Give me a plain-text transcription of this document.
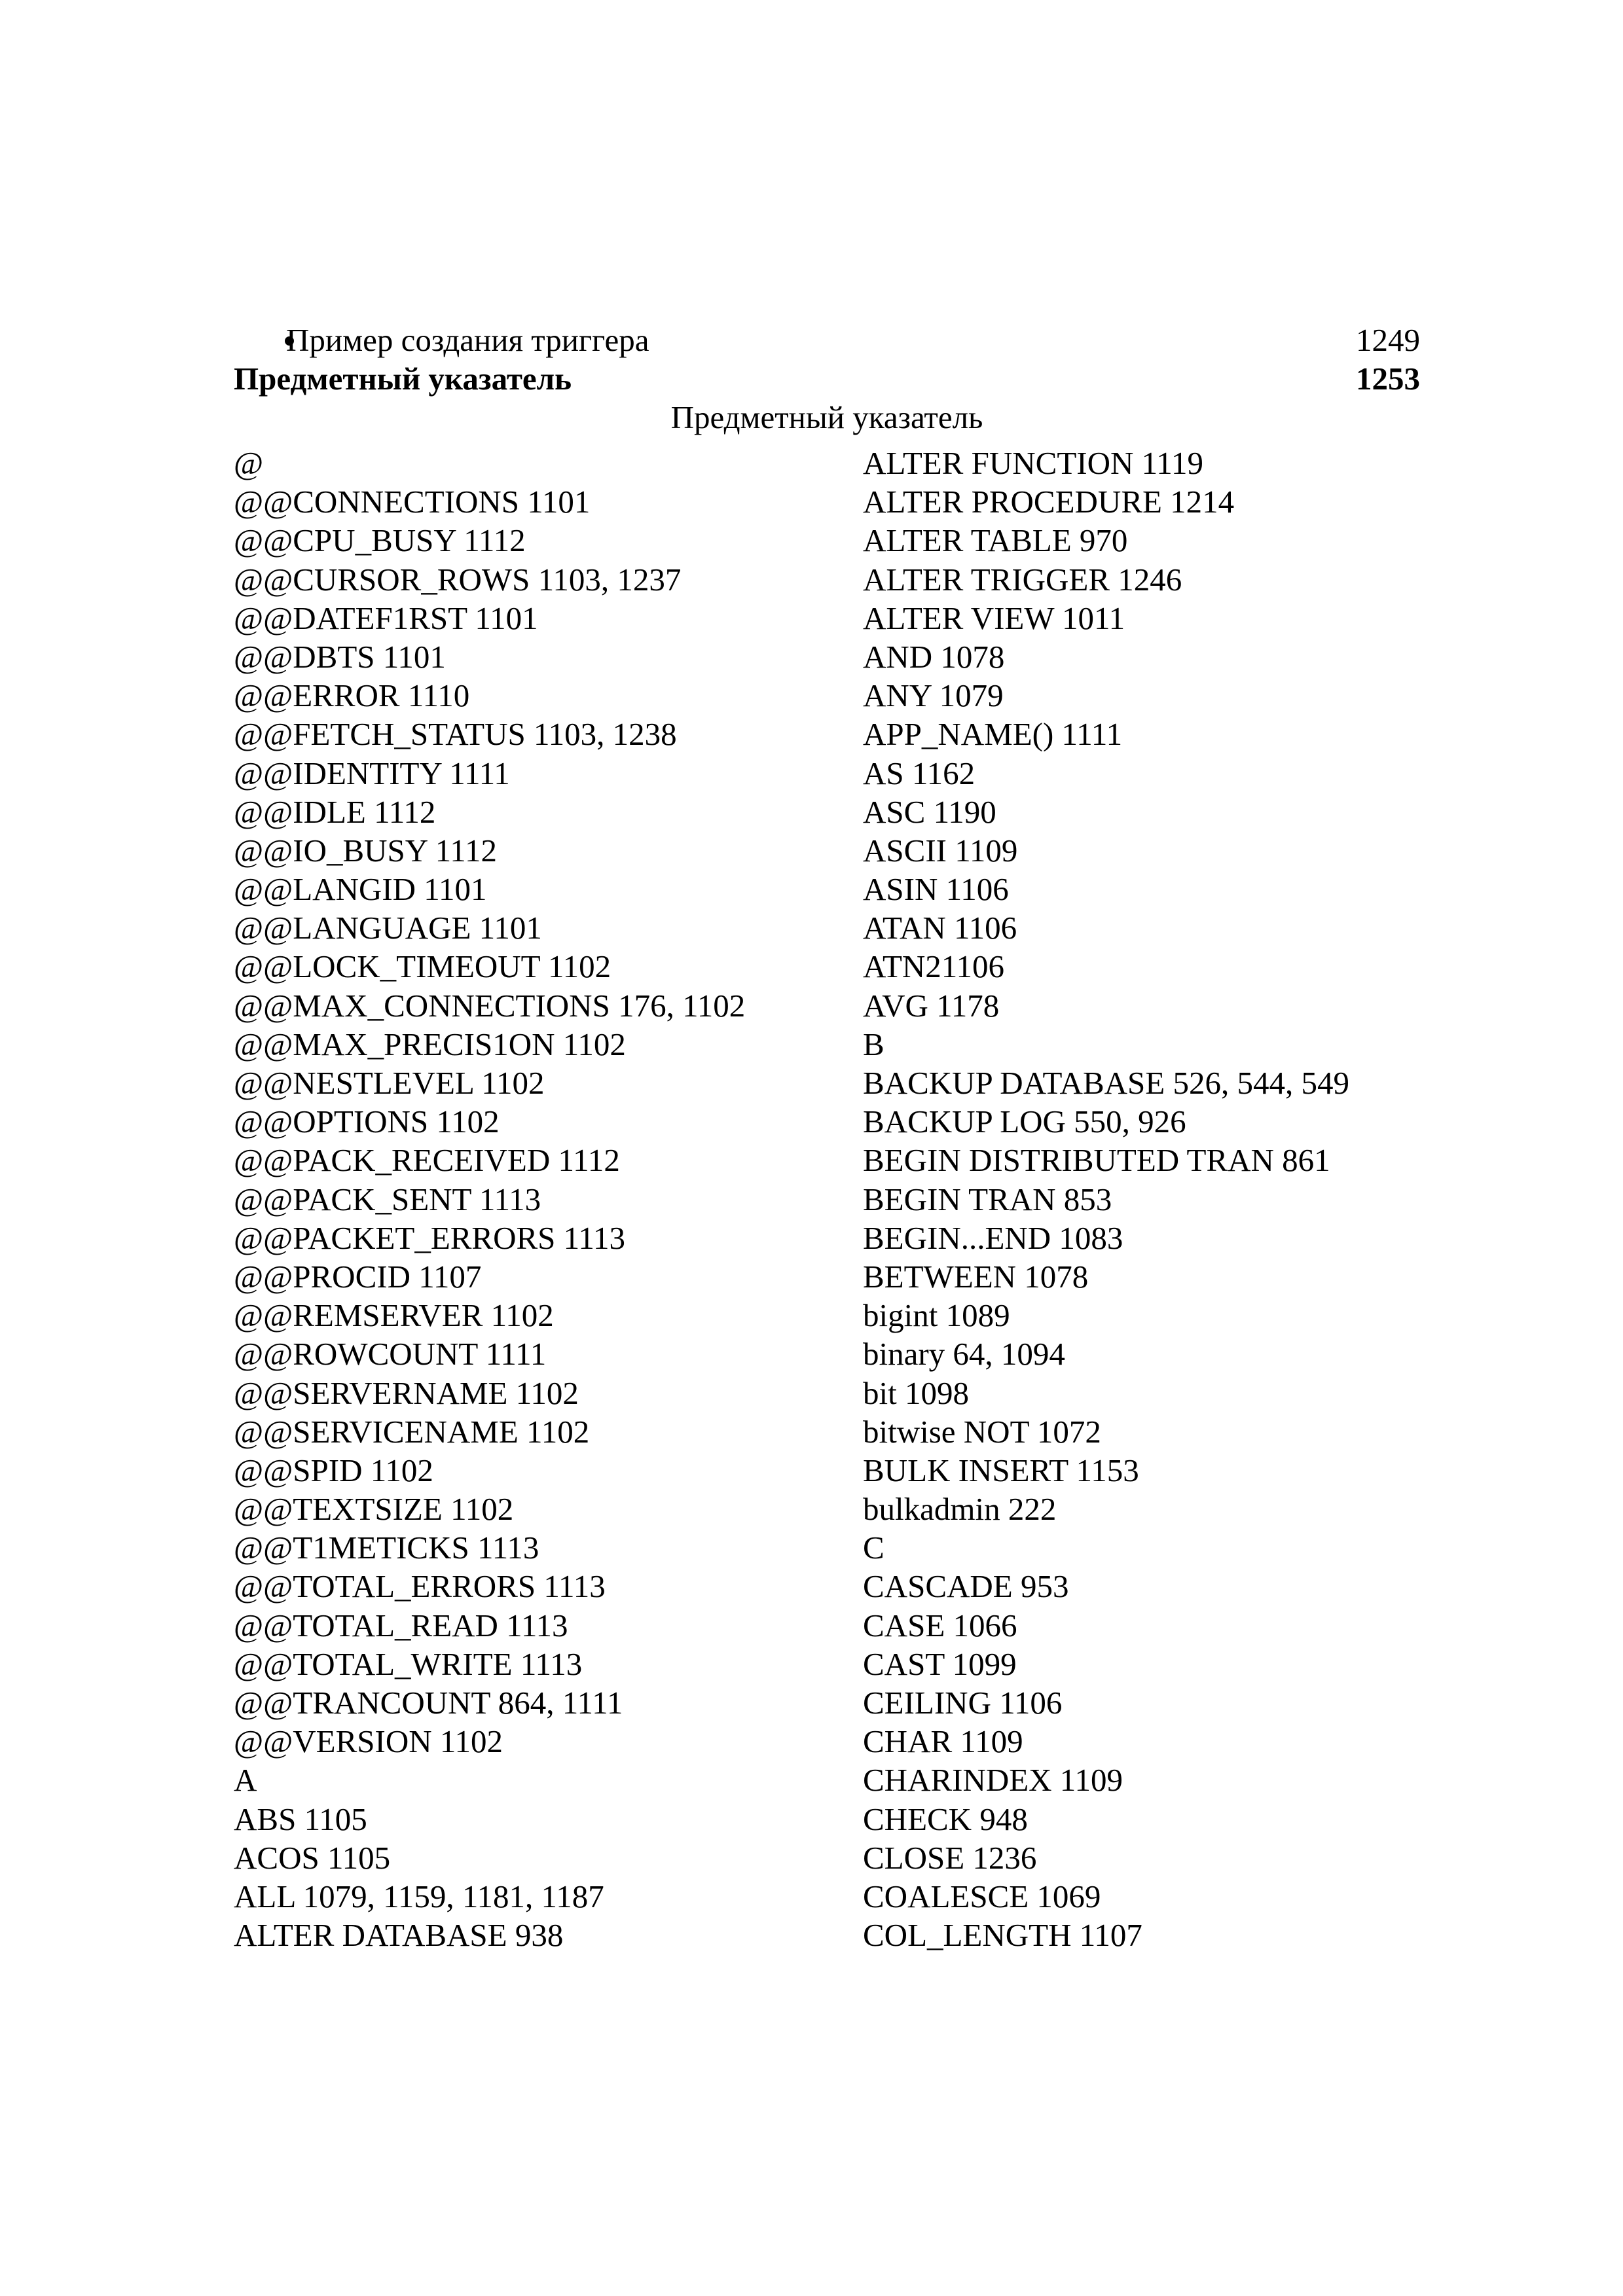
Пример создания триггера	1249
Предметный указатель	1253
Предметный указатель
@
@@CONNECTIONS 1101
@@CPU_BUSY 1112
@@CURSOR_ROWS 1103, 1237
@@DATEF1RST 1101
@@DBTS 1101
@@ERROR 1110
@@FETCH_STATUS 1103, 1238
@@IDENTITY 1111
@@IDLE 1112
@@IO_BUSY 1112
@@LANGID 1101
@@LANGUAGE 1101
@@LOCK_TIMEOUT 1102
@@MAX_CONNECTIONS 176, 1102
@@MAX_PRECIS1ON 1102
@@NESTLEVEL 1102
@@OPTIONS 1102
@@PACK_RECEIVED 1112
@@PACK_SENT 1113
@@PACKET_ERRORS 1113
@@PROCID 1107
@@REMSERVER 1102
@@ROWCOUNT 1111
@@SERVERNAME 1102
@@SERVICENAME 1102
@@SPID 1102
@@TEXTSIZE 1102
@@T1METICKS 1113
@@TOTAL_ERRORS 1113
@@TOTAL_READ 1113
@@TOTAL_WRITE 1113
@@TRANCOUNT 864, 1111
@@VERSION 1102
A
ABS 1105
ACOS 1105
ALL 1079, 1159, 1181, 1187
ALTER DATABASE 938
ALTER FUNCTION 1119
ALTER PROCEDURE 1214
ALTER TABLE 970
ALTER TRIGGER 1246
ALTER VIEW 1011
AND 1078
ANY 1079
APP_NAME() 1111
AS 1162
ASC 1190
ASCII 1109
ASIN 1106
ATAN 1106
ATN21106
AVG 1178
B
BACKUP DATABASE 526, 544, 549
BACKUP LOG 550, 926
BEGIN DISTRIBUTED TRAN 861
BEGIN TRAN 853
BEGIN...END 1083
BETWEEN 1078
bigint 1089
binary 64, 1094
bit 1098
bitwise NOT 1072
BULK INSERT 1153
bulkadmin 222
C
CASCADE 953
CASE 1066
CAST 1099
CEILING 1106
CHAR 1109
CHARINDEX 1109
CHECK 948
CLOSE 1236
COALESCE 1069
COL_LENGTH 1107
